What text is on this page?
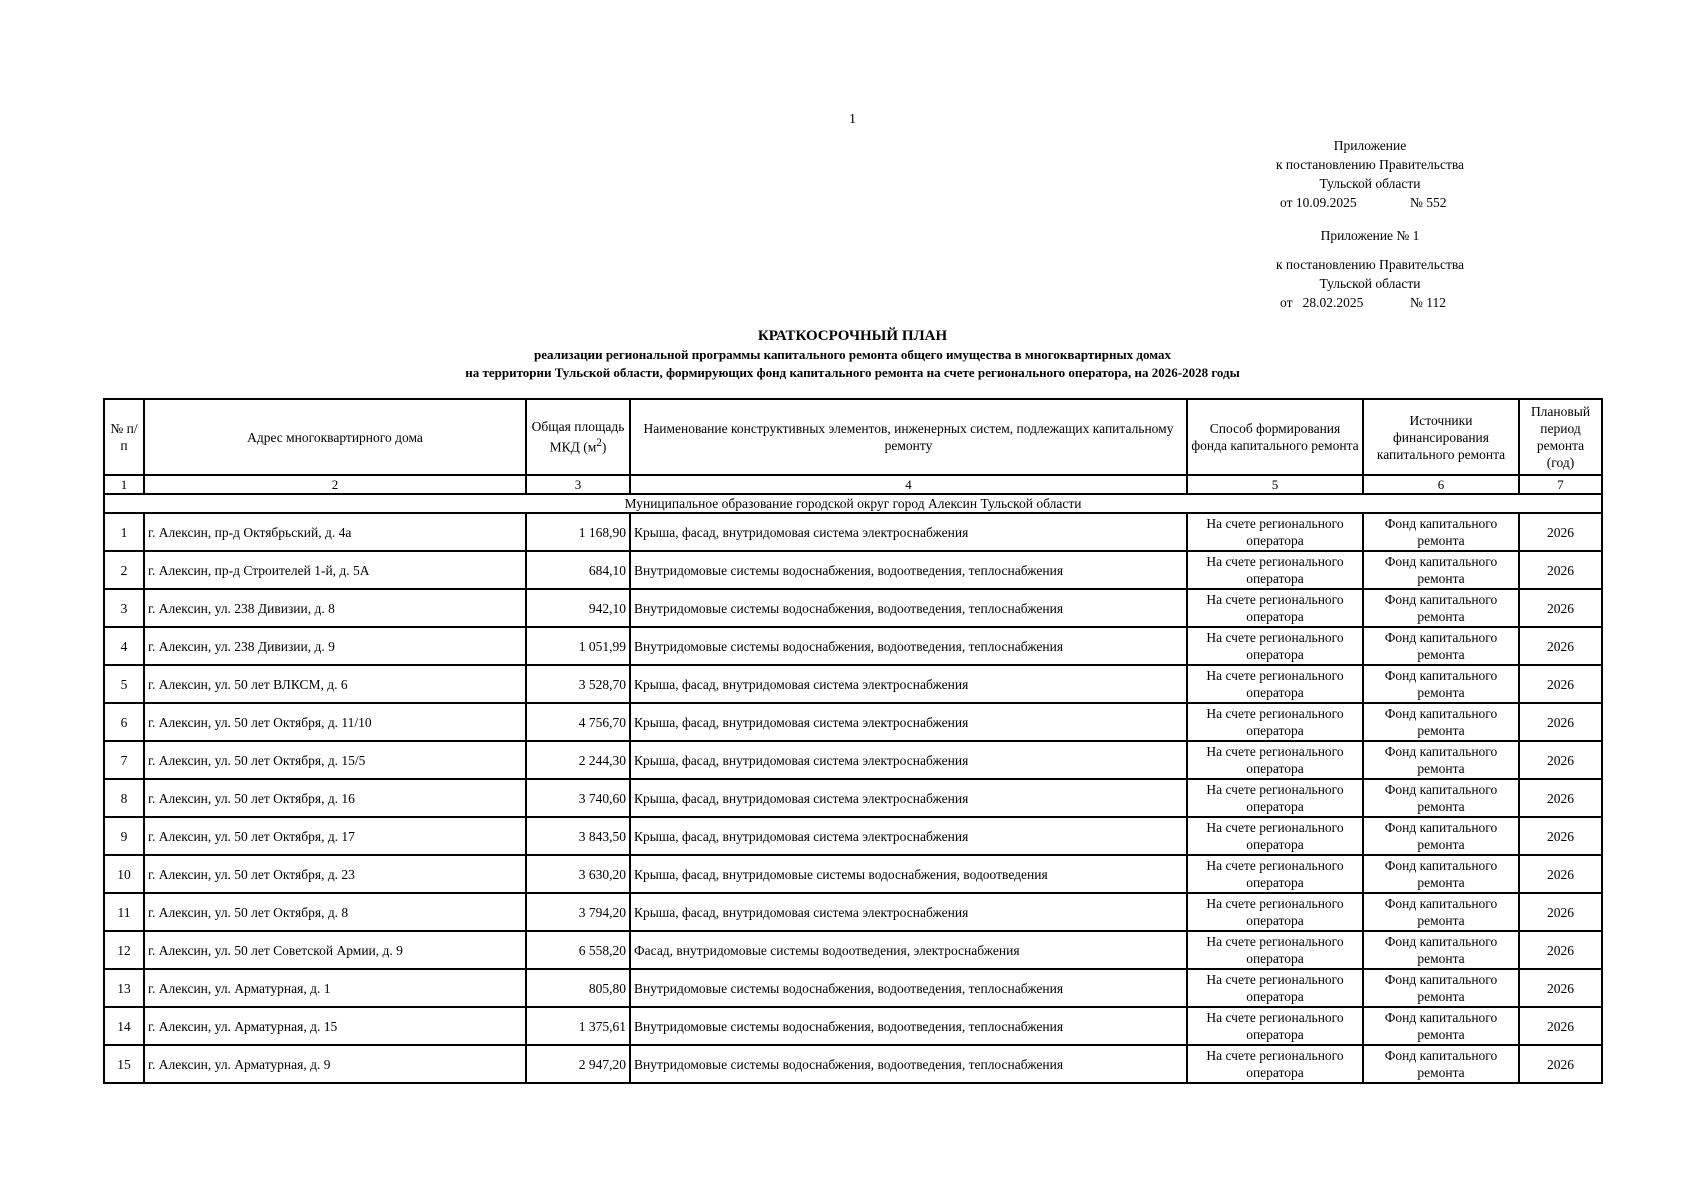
1
Приложение
к постановлению Правительства
Тульской области
от 10.09.2025	№ 552
Приложение № 1
к постановлению Правительства
Тульской области
от   28.02.2025	№ 112
КРАТКОСРОЧНЫЙ ПЛАН
реализации региональной программы капитального ремонта общего имущества в многоквартирных домах
на территории Тульской области, формирующих фонд капитального ремонта на счете регионального оператора, на 2026-2028 годы
№ п/п	Адрес многоквартирного дома	Общая площадь МКД $(м^2)$	Наименование конструктивных элементов, инженерных систем, подлежащих капитальному ремонту	Способ формирования фонда капитального ремонта	Источники финансирования капитального ремонта	Плановый период ремонта (год)
1	2	3	4	5	6	7
Муниципальное образование городской округ город Алексин Тульской области						
1	г. Алексин, пр-д Октябрьский, д. 4а	1 168,90	Крыша, фасад, внутридомовая система электроснабжения	На счете регионального оператора	Фонд капитального ремонта	2026
2	г. Алексин, пр-д Строителей 1-й, д. 5А	684,10	Внутридомовые системы водоснабжения, водоотведения, теплоснабжения	На счете регионального оператора	Фонд капитального ремонта	2026
3	г. Алексин, ул. 238 Дивизии, д. 8	942,10	Внутридомовые системы водоснабжения, водоотведения, теплоснабжения	На счете регионального оператора	Фонд капитального ремонта	2026
4	г. Алексин, ул. 238 Дивизии, д. 9	1 051,99	Внутридомовые системы водоснабжения, водоотведения, теплоснабжения	На счете регионального оператора	Фонд капитального ремонта	2026
5	г. Алексин, ул. 50 лет ВЛКСМ, д. 6	3 528,70	Крыша, фасад, внутридомовая система электроснабжения	На счете регионального оператора	Фонд капитального ремонта	2026
6	г. Алексин, ул. 50 лет Октября, д. 11/10	4 756,70	Крыша, фасад, внутридомовая система электроснабжения	На счете регионального оператора	Фонд капитального ремонта	2026
7	г. Алексин, ул. 50 лет Октября, д. 15/5	2 244,30	Крыша, фасад, внутридомовая система электроснабжения	На счете регионального оператора	Фонд капитального ремонта	2026
8	г. Алексин, ул. 50 лет Октября, д. 16	3 740,60	Крыша, фасад, внутридомовая система электроснабжения	На счете регионального оператора	Фонд капитального ремонта	2026
9	г. Алексин, ул. 50 лет Октября, д. 17	3 843,50	Крыша, фасад, внутридомовая система электроснабжения	На счете регионального оператора	Фонд капитального ремонта	2026
10	г. Алексин, ул. 50 лет Октября, д. 23	3 630,20	Крыша, фасад, внутридомовые системы водоснабжения, водоотведения	На счете регионального оператора	Фонд капитального ремонта	2026
11	г. Алексин, ул. 50 лет Октября, д. 8	3 794,20	Крыша, фасад, внутридомовая система электроснабжения	На счете регионального оператора	Фонд капитального ремонта	2026
12	г. Алексин, ул. 50 лет Советской Армии, д. 9	6 558,20	Фасад, внутридомовые системы водоотведения, электроснабжения	На счете регионального оператора	Фонд капитального ремонта	2026
13	г. Алексин, ул. Арматурная, д. 1	805,80	Внутридомовые системы водоснабжения, водоотведения, теплоснабжения	На счете регионального оператора	Фонд капитального ремонта	2026
14	г. Алексин, ул. Арматурная, д. 15	1 375,61	Внутридомовые системы водоснабжения, водоотведения, теплоснабжения	На счете регионального оператора	Фонд капитального ремонта	2026
15	г. Алексин, ул. Арматурная, д. 9	2 947,20	Внутридомовые системы водоснабжения, водоотведения, теплоснабжения	На счете регионального оператора	Фонд капитального ремонта	2026
